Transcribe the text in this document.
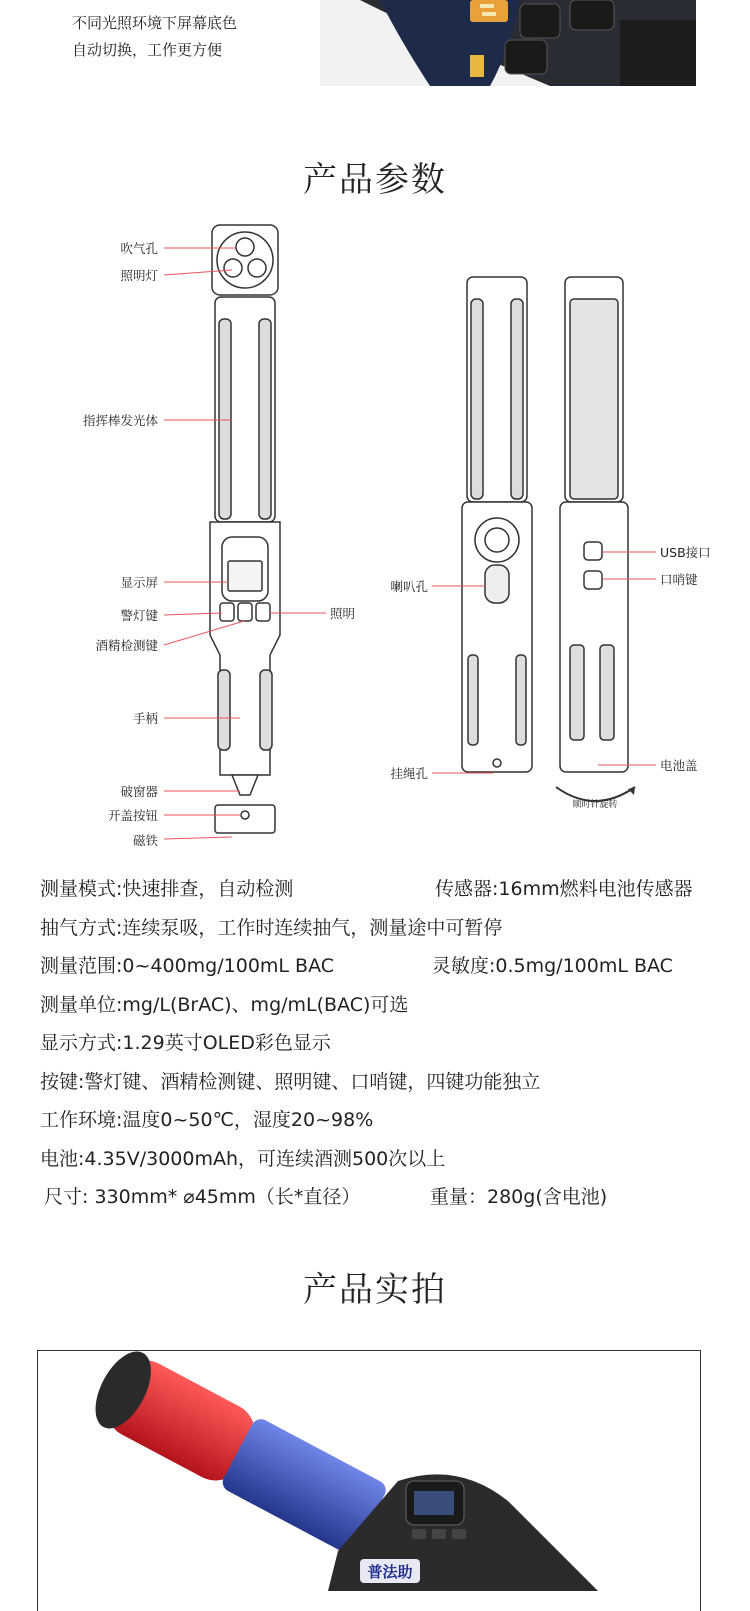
不同光照环境下屏幕底色
自动切换，工作更方便
产品参数
吹气孔
照明灯
指挥棒发光体
显示屏
警灯键
酒精检测键
手柄
破窗器
开盖按钮
磁铁
照明
喇叭孔
挂绳孔
USB接口
口哨键
电池盖
顺时针旋转
测量模式:快速排查，自动检测	传感器:16mm燃料电池传感器
抽气方式:连续泵吸，工作时连续抽气，测量途中可暂停
测量范围:0~400mg/100mL BAC	灵敏度:0.5mg/100mL BAC
测量单位:mg/L(BrAC)、mg/mL(BAC)可选
显示方式:1.29英寸OLED彩色显示
按键:警灯键、酒精检测键、照明键、口哨键，四键功能独立
工作环境:温度0~50℃，湿度20~98%
电池:4.35V/3000mAh，可连续酒测500次以上
尺寸: 330mm* ⌀45mm（长*直径）	重量：280g(含电池)
产品实拍
普法助
